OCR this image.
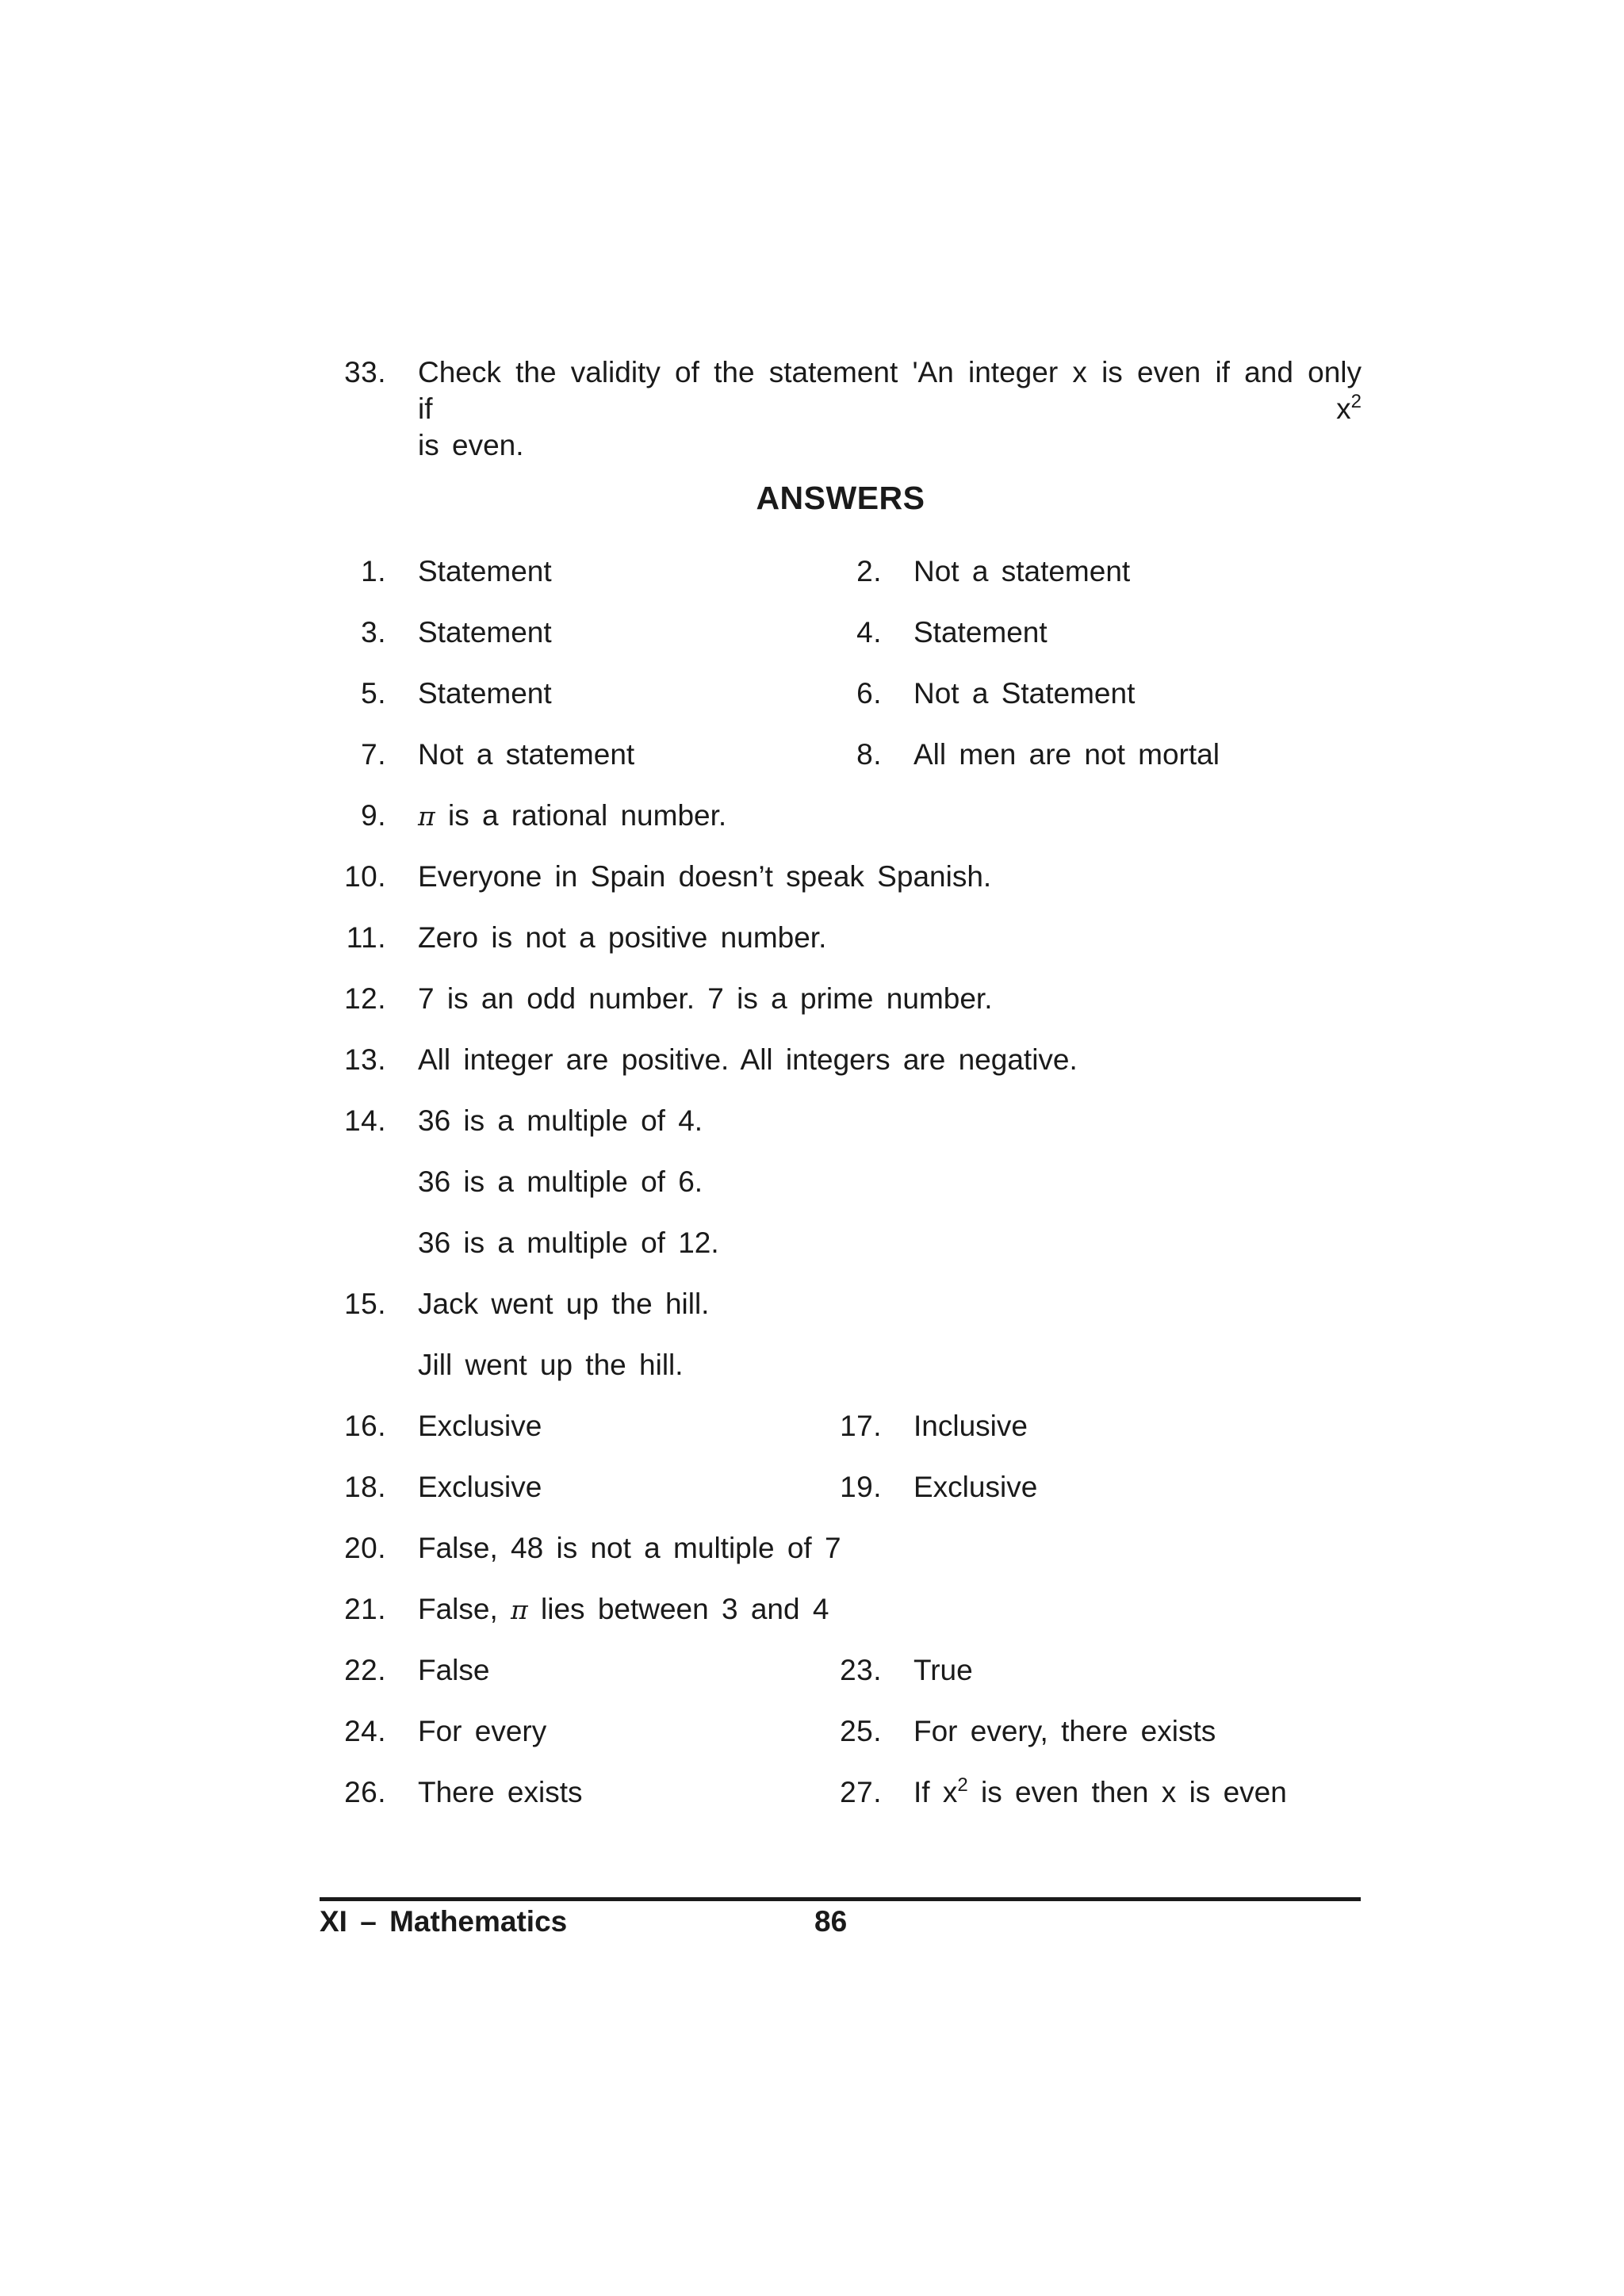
33. Check the validity of the statement 'An integer x is even if and only if $x^2$
is even.
ANSWERS
1. Statement	2. Not a statement
3. Statement	4. Statement
5. Statement	6. Not a Statement
7. Not a statement	8. All men are not mortal
9. π is a rational number.
10. Everyone in Spain doesn’t speak Spanish.
11. Zero is not a positive number.
12. 7 is an odd number. 7 is a prime number.
13. All integer are positive. All integers are negative.
14. 36 is a multiple of 4.
36 is a multiple of 6.
36 is a multiple of 12.
15. Jack went up the hill.
Jill went up the hill.
16. Exclusive	17. Inclusive
18. Exclusive	19. Exclusive
20. False, 48 is not a multiple of 7
21. False, π lies between 3 and 4
22. False	23. True
24. For every	25. For every, there exists
26. There exists	27. If $x^2$ is even then x is even
XI – Mathematics	86
